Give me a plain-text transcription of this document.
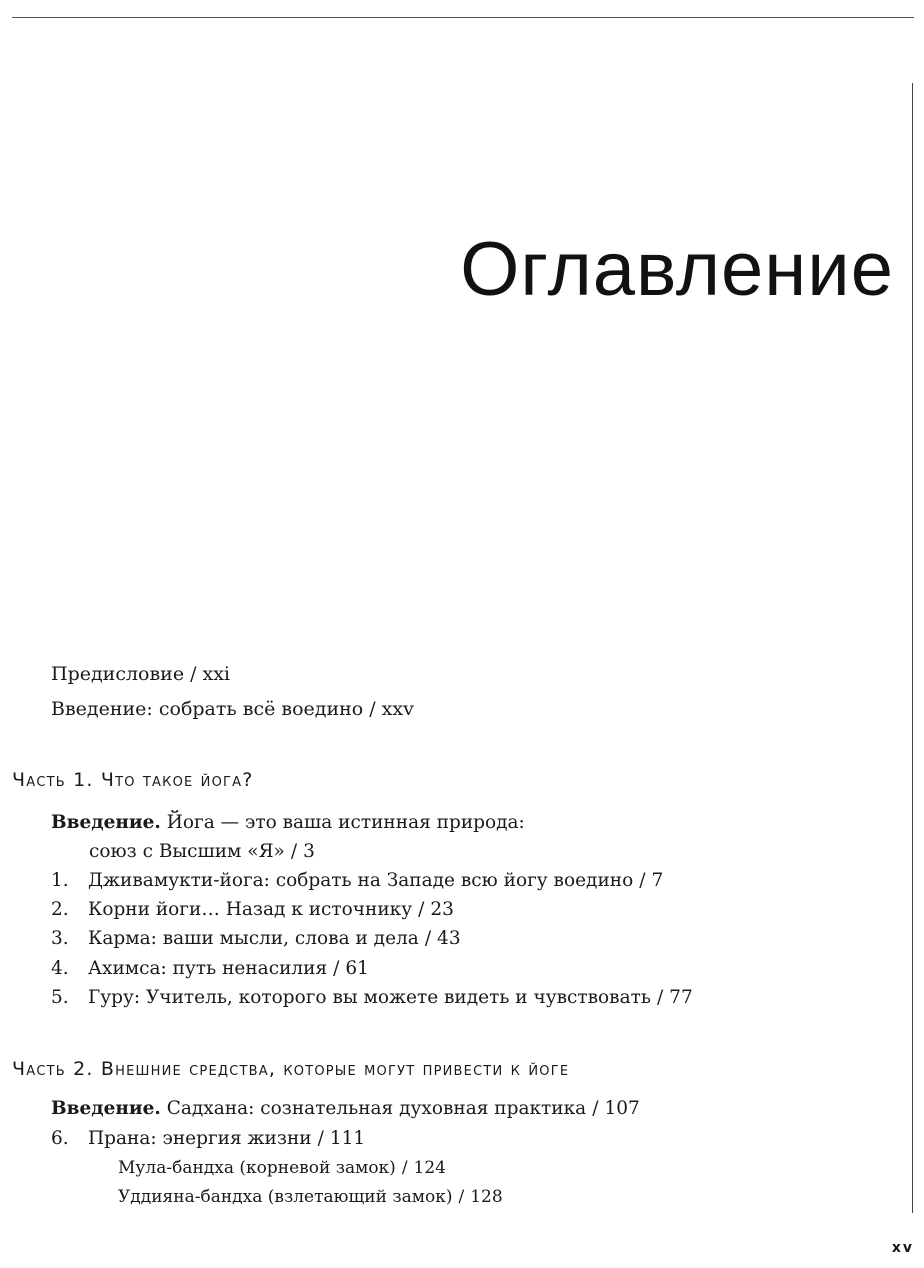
Оглавление
Предисловие / xxi
Введение: собрать всё воедино / xxv
Часть 1. Что такое йога?
Введение. Йога — это ваша истинная природа:
союз с Высшим «Я» / 3
1. Дживамукти-йога: собрать на Западе всю йогу воедино / 7
2. Корни йоги… Назад к источнику / 23
3. Карма: ваши мысли, слова и дела / 43
4. Ахимса: путь ненасилия / 61
5. Гуру: Учитель, которого вы можете видеть и чувствовать / 77
Часть 2. Внешние средства, которые могут привести к йоге
Введение. Садхана: сознательная духовная практика / 107
6. Прана: энергия жизни / 111
Мула-бандха (корневой замок) / 124
Уддияна-бандха (взлетающий замок) / 128
xv
